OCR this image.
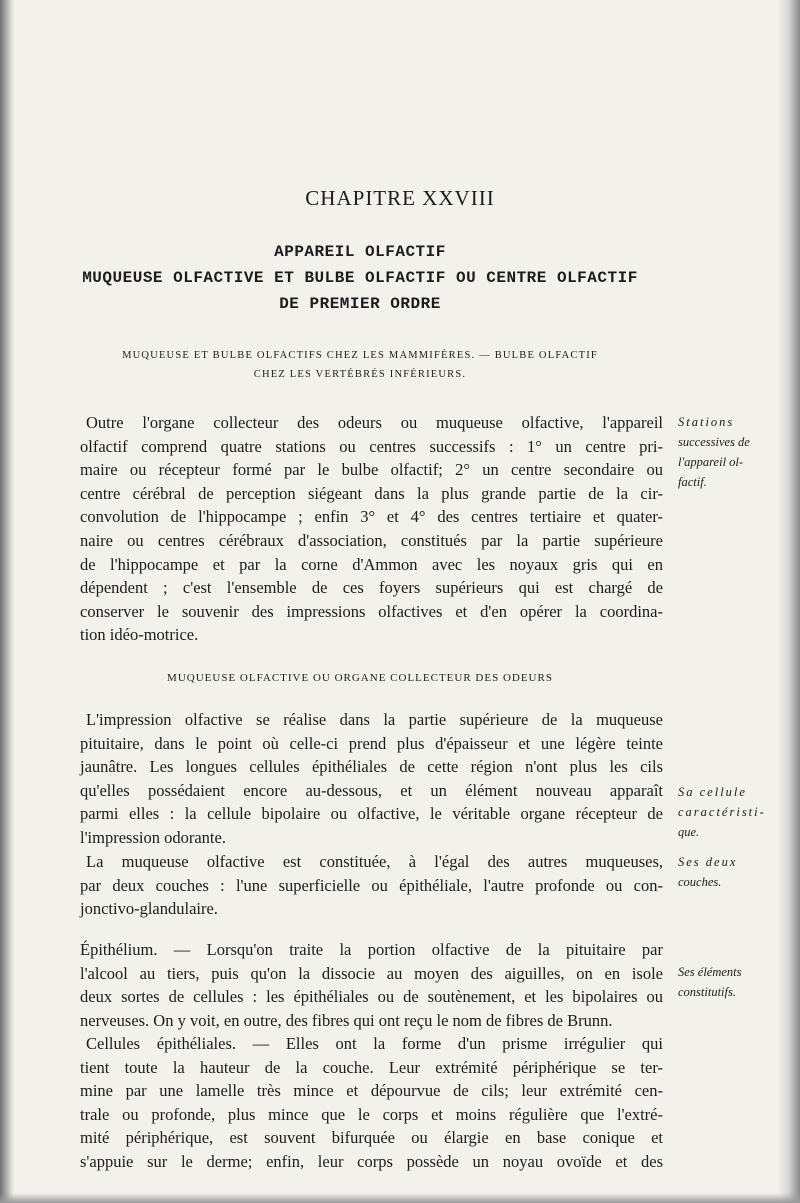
CHAPITRE XXVIII
APPAREIL OLFACTIF
MUQUEUSE OLFACTIVE ET BULBE OLFACTIF OU CENTRE OLFACTIF
DE PREMIER ORDRE
MUQUEUSE ET BULBE OLFACTIFS CHEZ LES MAMMIFÈRES. — BULBE OLFACTIF
CHEZ LES VERTÉBRÉS INFÉRIEURS.
Outre l'organe collecteur des odeurs ou muqueuse olfactive, l'appareil
olfactif comprend quatre stations ou centres successifs : 1° un centre pri-
maire ou récepteur formé par le bulbe olfactif; 2° un centre secondaire ou
centre cérébral de perception siégeant dans la plus grande partie de la cir-
convolution de l'hippocampe ; enfin 3° et 4° des centres tertiaire et quater-
naire ou centres cérébraux d'association, constitués par la partie supérieure
de l'hippocampe et par la corne d'Ammon avec les noyaux gris qui en
dépendent ; c'est l'ensemble de ces foyers supérieurs qui est chargé de
conserver le souvenir des impressions olfactives et d'en opérer la coordina-
tion idéo-motrice.
MUQUEUSE OLFACTIVE OU ORGANE COLLECTEUR DES ODEURS
L'impression olfactive se réalise dans la partie supérieure de la muqueuse
pituitaire, dans le point où celle-ci prend plus d'épaisseur et une légère teinte
jaunâtre. Les longues cellules épithéliales de cette région n'ont plus les cils
qu'elles possédaient encore au-dessous, et un élément nouveau apparaît
parmi elles : la cellule bipolaire ou olfactive, le véritable organe récepteur de
l'impression odorante.
La muqueuse olfactive est constituée, à l'égal des autres muqueuses,
par deux couches : l'une superficielle ou épithéliale, l'autre profonde ou con-
jonctivo-glandulaire.
Épithélium. — Lorsqu'on traite la portion olfactive de la pituitaire par
l'alcool au tiers, puis qu'on la dissocie au moyen des aiguilles, on en isole
deux sortes de cellules : les épithéliales ou de soutènement, et les bipolaires ou
nerveuses. On y voit, en outre, des fibres qui ont reçu le nom de fibres de Brunn.
Cellules épithéliales. — Elles ont la forme d'un prisme irrégulier qui
tient toute la hauteur de la couche. Leur extrémité périphérique se ter-
mine par une lamelle très mince et dépourvue de cils; leur extrémité cen-
trale ou profonde, plus mince que le corps et moins régulière que l'extré-
mité périphérique, est souvent bifurquée ou élargie en base conique et
s'appuie sur le derme; enfin, leur corps possède un noyau ovoïde et des
Stations
successives de
l'appareil ol-
factif.
Sa cellule
caractéristi-
que.
Ses deux
couches.
Ses éléments
constitutifs.
